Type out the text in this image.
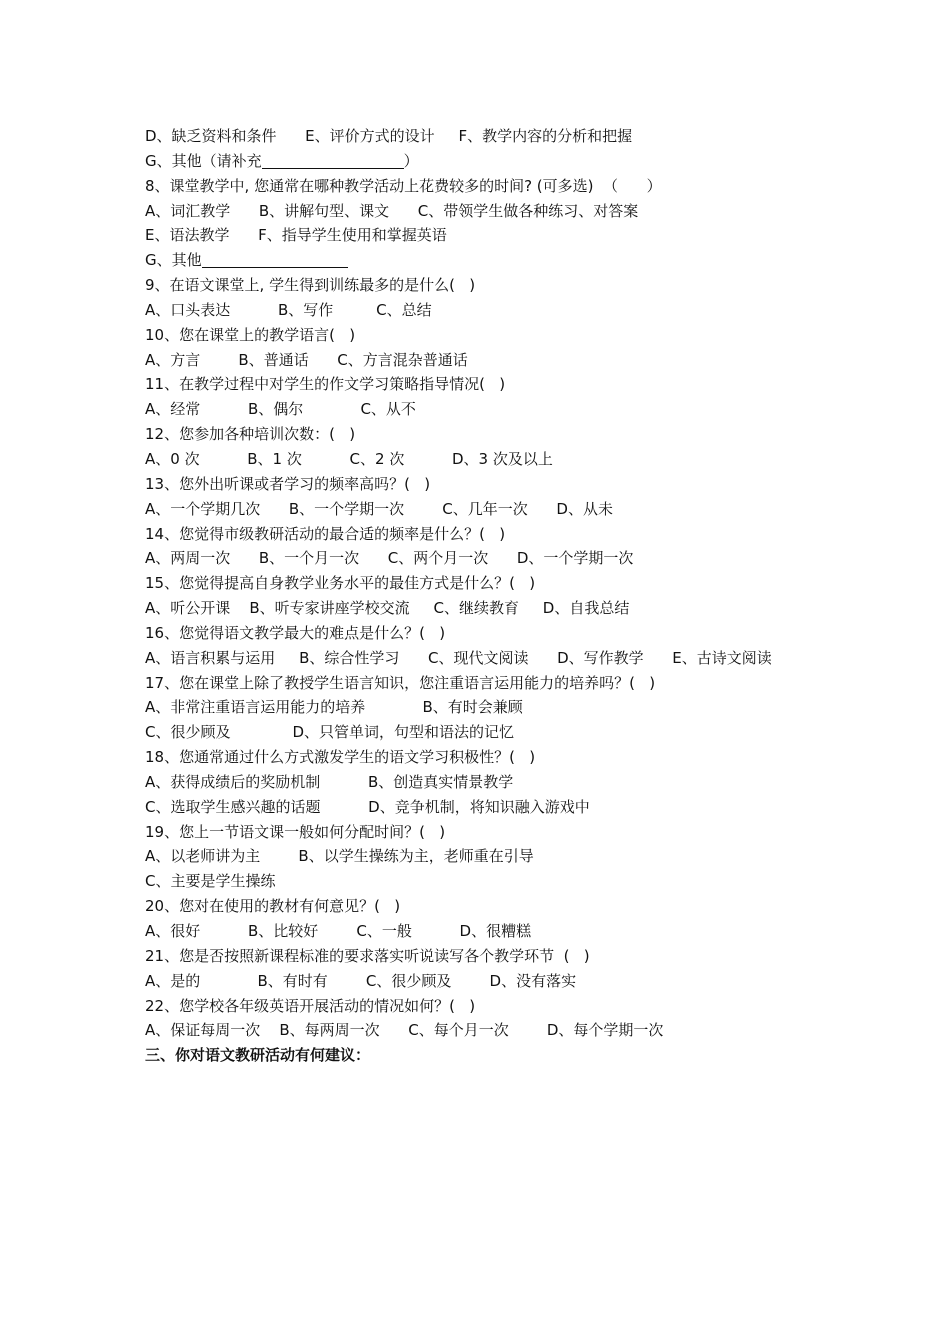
D、缺乏资料和条件      E、评价方式的设计     F、教学内容的分析和把握
G、其他（请补充	）
8、课堂教学中, 您通常在哪种教学活动上花费较多的时间? (可多选)  （      ）
A、词汇教学      B、讲解句型、课文      C、带领学生做各种练习、对答案
E、语法教学      F、指导学生使用和掌握英语
G、其他
9、在语文课堂上, 学生得到训练最多的是什么(   )
A、口头表达          B、写作         C、总结
10、您在课堂上的教学语言(   )
A、方言        B、普通话      C、方言混杂普通话
11、在教学过程中对学生的作文学习策略指导情况(   )
A、经常          B、偶尔            C、从不
12、您参加各种培训次数：(   )
A、0 次          B、1 次          C、2 次          D、3 次及以上
13、您外出听课或者学习的频率高吗？(   )
A、一个学期几次      B、一个学期一次        C、几年一次      D、从未
14、您觉得市级教研活动的最合适的频率是什么？(   )
A、两周一次      B、一个月一次      C、两个月一次      D、一个学期一次
15、您觉得提高自身教学业务水平的最佳方式是什么？(   )
A、听公开课    B、听专家讲座学校交流     C、继续教育     D、自我总结
16、您觉得语文教学最大的难点是什么？(   )
A、语言积累与运用     B、综合性学习      C、现代文阅读      D、写作教学      E、古诗文阅读
17、您在课堂上除了教授学生语言知识，您注重语言运用能力的培养吗？(   )
A、非常注重语言运用能力的培养            B、有时会兼顾
C、很少顾及             D、只管单词，句型和语法的记忆
18、您通常通过什么方式激发学生的语文学习积极性？(   )
A、获得成绩后的奖励机制          B、创造真实情景教学
C、选取学生感兴趣的话题          D、竞争机制，将知识融入游戏中
19、您上一节语文课一般如何分配时间？(   )
A、以老师讲为主        B、以学生操练为主，老师重在引导
C、主要是学生操练
20、您对在使用的教材有何意见？(   )
A、很好          B、比较好        C、一般          D、很糟糕
21、您是否按照新课程标准的要求落实听说读写各个教学环节  (   )
A、是的            B、有时有        C、很少顾及        D、没有落实
22、您学校各年级英语开展活动的情况如何？(   )
A、保证每周一次    B、每两周一次      C、每个月一次        D、每个学期一次
三、你对语文教研活动有何建议：
